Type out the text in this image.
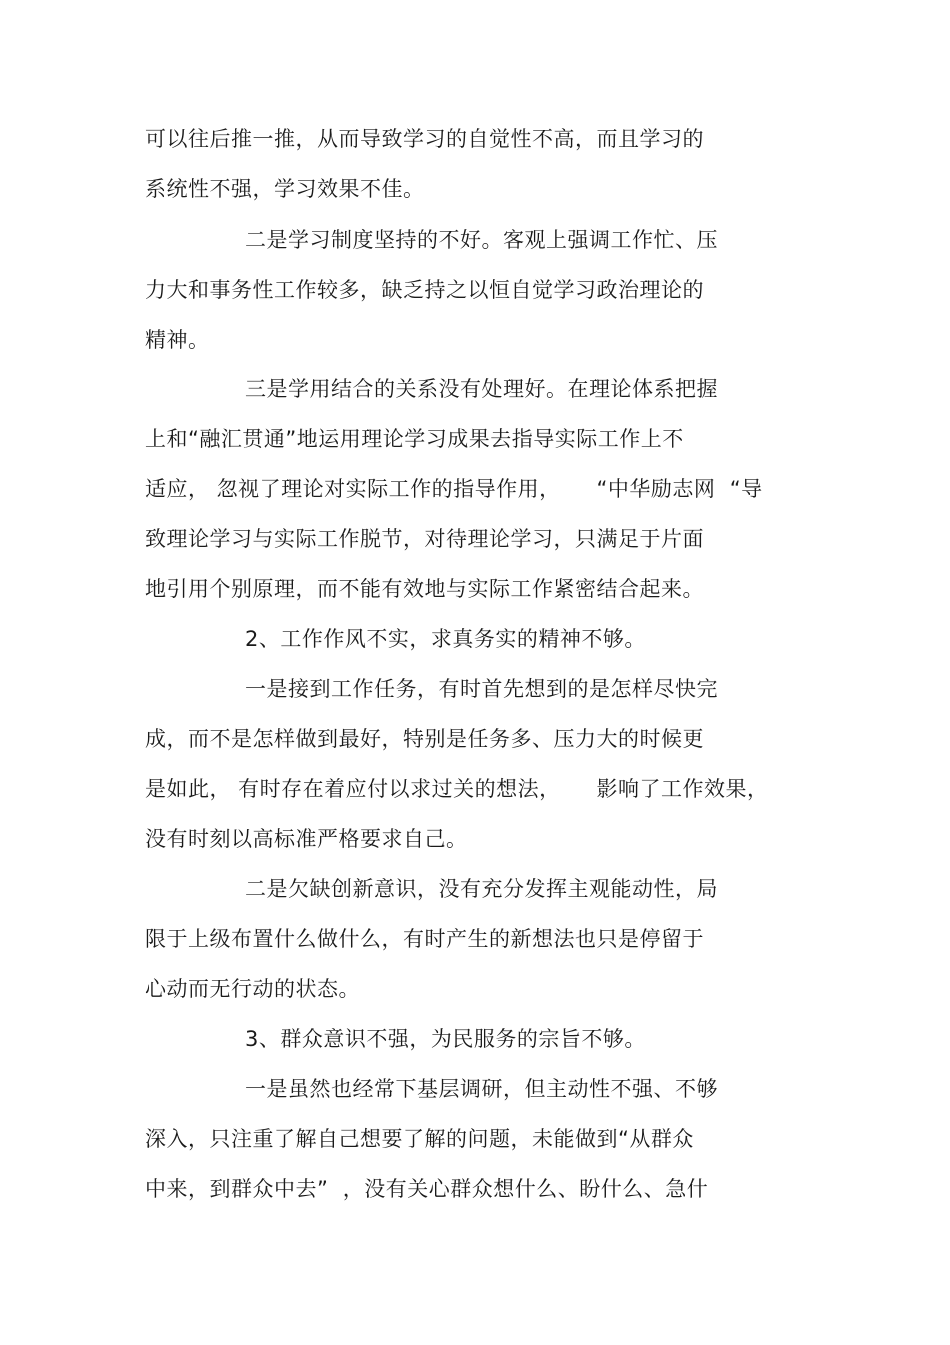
可以往后推一推，从而导致学习的自觉性不高，而且学习的
系统性不强，学习效果不佳。
二是学习制度坚持的不好。客观上强调工作忙、压
力大和事务性工作较多，缺乏持之以恒自觉学习政治理论的
精神。
三是学用结合的关系没有处理好。在理论体系把握
上和“融汇贯通”地运用理论学习成果去指导实际工作上不
适应， 忽视了理论对实际工作的指导作用，     “中华励志网  “导
致理论学习与实际工作脱节，对待理论学习，只满足于片面
地引用个别原理，而不能有效地与实际工作紧密结合起来。
2、工作作风不实，求真务实的精神不够。
一是接到工作任务，有时首先想到的是怎样尽快完
成，而不是怎样做到最好，特别是任务多、压力大的时候更
是如此， 有时存在着应付以求过关的想法，     影响了工作效果，
没有时刻以高标准严格要求自己。
二是欠缺创新意识，没有充分发挥主观能动性，局
限于上级布置什么做什么，有时产生的新想法也只是停留于
心动而无行动的状态。
3、群众意识不强，为民服务的宗旨不够。
一是虽然也经常下基层调研，但主动性不强、不够
深入，只注重了解自己想要了解的问题，未能做到“从群众
中来，到群众中去”  ，没有关心群众想什么、盼什么、急什
